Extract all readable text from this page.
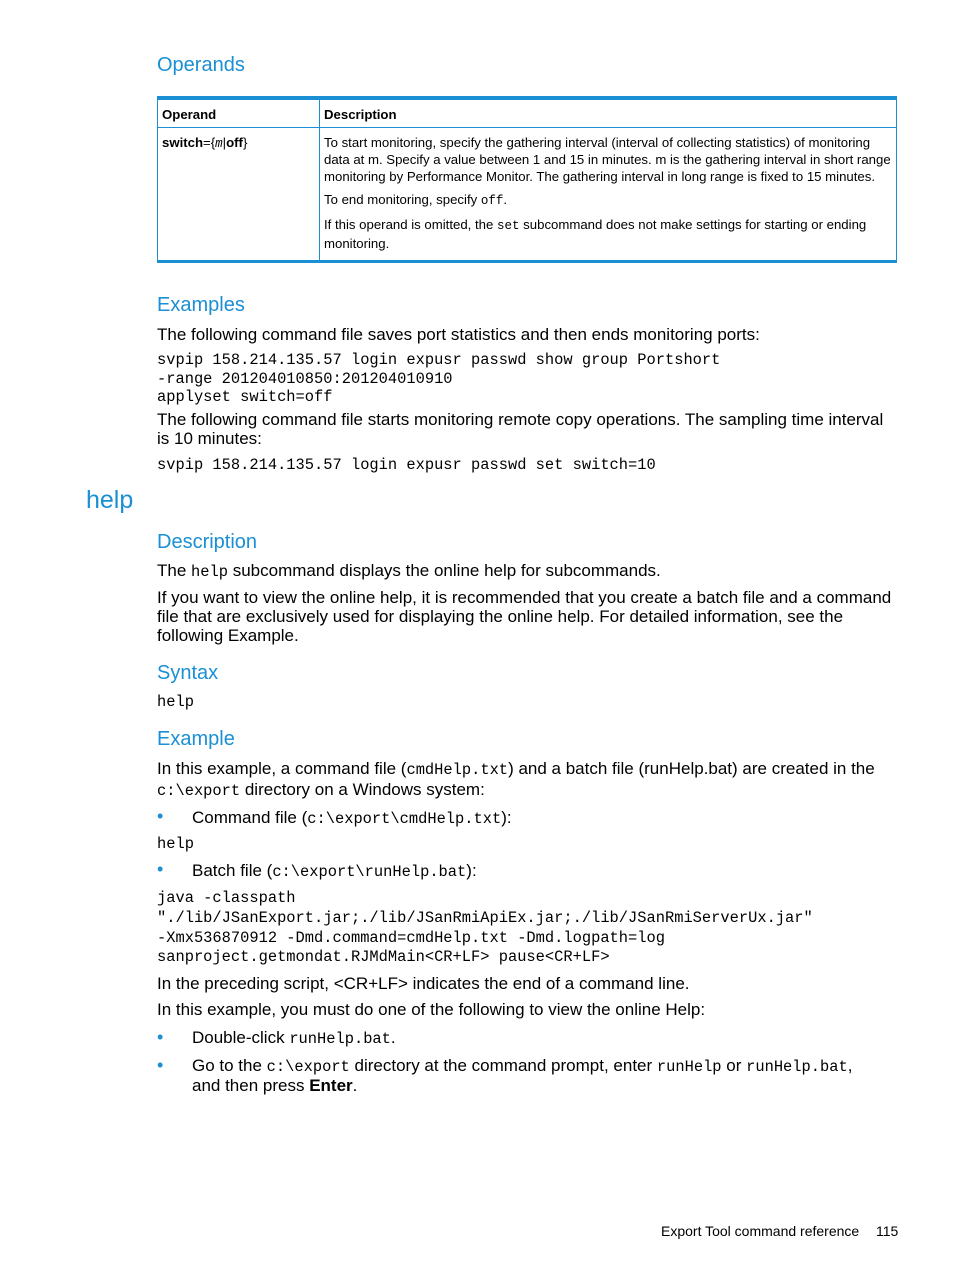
Operands
Operand	Description
switch={m|off}	To start monitoring, specify the gathering interval (interval of collecting statistics) of monitoring data at m. Specify a value between 1 and 15 in minutes. m is the gathering interval in short range monitoring by Performance Monitor. The gathering interval in long range is fixed to 15 minutes.

To end monitoring, specify off.

If this operand is omitted, the set subcommand does not make settings for starting or ending monitoring.

Examples
The following command file saves port statistics and then ends monitoring ports:
svpip 158.214.135.57 login expusr passwd show group Portshort
-range 201204010850:201204010910
applyset switch=off
The following command file starts monitoring remote copy operations. The sampling time interval is 10 minutes:
svpip 158.214.135.57 login expusr passwd set switch=10
help
Description
The help subcommand displays the online help for subcommands.
If you want to view the online help, it is recommended that you create a batch file and a command file that are exclusively used for displaying the online help. For detailed information, see the following Example.
Syntax
help
Example
In this example, a command file (cmdHelp.txt) and a batch file (runHelp.bat) are created in the c:\export directory on a Windows system:
• Command file (c:\export\cmdHelp.txt):
help
• Batch file (c:\export\runHelp.bat):
java -classpath
"./lib/JSanExport.jar;./lib/JSanRmiApiEx.jar;./lib/JSanRmiServerUx.jar"
-Xmx536870912 -Dmd.command=cmdHelp.txt -Dmd.logpath=log
sanproject.getmondat.RJMdMain<CR+LF> pause<CR+LF>
In the preceding script, <CR+LF> indicates the end of a command line.
In this example, you must do one of the following to view the online Help:
• Double-click runHelp.bat.
• Go to the c:\export directory at the command prompt, enter runHelp or runHelp.bat,
and then press Enter.
Export Tool command reference 115
